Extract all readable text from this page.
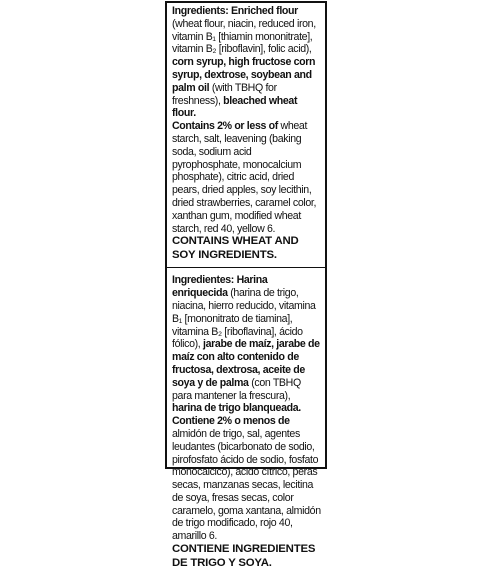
Ingredients: Enriched flour (wheat flour, niacin, reduced iron, vitamin B₁ [thiamin mononitrate], vitamin B₂ [riboflavin], folic acid), corn syrup, high fructose corn syrup, dextrose, soybean and palm oil (with TBHQ for freshness), bleached wheat flour.

Contains 2% or less of wheat starch, salt, leavening (baking soda, sodium acid pyrophosphate, monocalcium phosphate), citric acid, dried pears, dried apples, soy lecithin, dried strawberries, caramel color, xanthan gum, modified wheat starch, red 40, yellow 6.

CONTAINS WHEAT AND SOY INGREDIENTS.

Ingredientes: Harina enriquecida (harina de trigo, niacina, hierro reducido, vitamina B₁ [mononitrato de tiamina], vitamina B₂ [riboflavina], ácido fólico), jarabe de maíz, jarabe de maíz con alto contenido de fructosa, dextrosa, aceite de soya y de palma (con TBHQ para mantener la frescura), harina de trigo blanqueada.

Contiene 2% o menos de almidón de trigo, sal, agentes leudantes (bicarbonato de sodio, pirofosfato ácido de sodio, fosfato monocálcico), ácido cítrico, peras secas, manzanas secas, lecitina de soya, fresas secas, color caramelo, goma xantana, almidón de trigo modificado, rojo 40, amarillo 6.

CONTIENE INGREDIENTES DE TRIGO Y SOYA.
